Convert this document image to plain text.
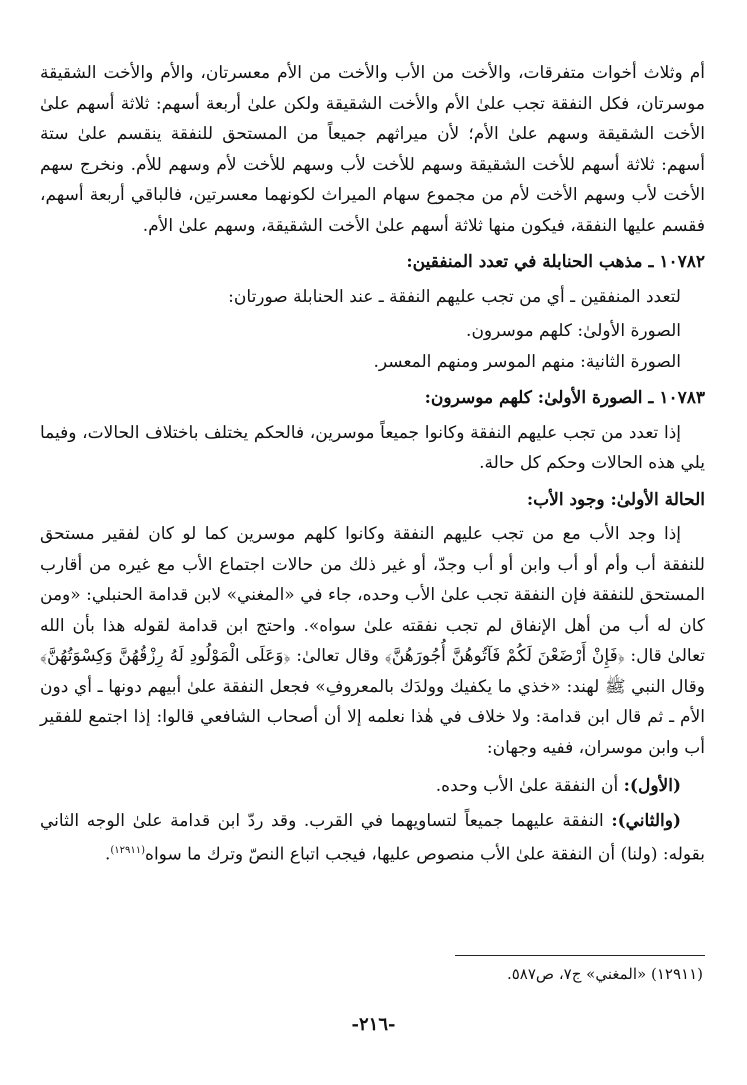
أم وثلاث أخوات متفرقات، والأخت من الأب والأخت من الأم معسرتان، والأم والأخت الشقيقة موسرتان، فكل النفقة تجب علىٰ الأم والأخت الشقيقة ولكن علىٰ أربعة أسهم: ثلاثة أسهم علىٰ الأخت الشقيقة وسهم علىٰ الأم؛ لأن ميراثهم جميعاً من المستحق للنفقة ينقسم علىٰ ستة أسهم: ثلاثة أسهم للأخت الشقيقة وسهم للأخت لأب وسهم للأخت لأم وسهم للأم. ونخرج سهم الأخت لأب وسهم الأخت لأم من مجموع سهام الميراث لكونهما معسرتين، فالباقي أربعة أسهم، فقسم عليها النفقة، فيكون منها ثلاثة أسهم علىٰ الأخت الشقيقة، وسهم علىٰ الأم.

١٠٧٨٢ ـ مذهب الحنابلة في تعدد المنفقين:

لتعدد المنفقين ـ أي من تجب عليهم النفقة ـ عند الحنابلة صورتان:

الصورة الأولىٰ: كلهم موسرون.

الصورة الثانية: منهم الموسر ومنهم المعسر.

١٠٧٨٣ ـ الصورة الأولىٰ: كلهم موسرون:

إذا تعدد من تجب عليهم النفقة وكانوا جميعاً موسرين، فالحكم يختلف باختلاف الحالات، وفيما يلي هذه الحالات وحكم كل حالة.

الحالة الأولىٰ: وجود الأب:

إذا وجد الأب مع من تجب عليهم النفقة وكانوا كلهم موسرين كما لو كان لفقير مستحق للنفقة أب وأم أو أب وابن أو أب وجدّ، أو غير ذلك من حالات اجتماع الأب مع غيره من أقارب المستحق للنفقة فإن النفقة تجب علىٰ الأب وحده، جاء في «المغني» لابن قدامة الحنبلي: «ومن كان له أب من أهل الإنفاق لم تجب نفقته علىٰ سواه». واحتج ابن قدامة لقوله هذا بأن الله تعالىٰ قال: ﴿فَإِنْ أَرْضَعْنَ لَكُمْ فَآتُوهُنَّ أُجُورَهُنَّ﴾ وقال تعالىٰ: ﴿وَعَلَى الْمَوْلُودِ لَهُ رِزْقُهُنَّ وَكِسْوَتُهُنَّ﴾ وقال النبي ﷺ لهند: «خذي ما يكفيك وولدَك بالمعروفِ» فجعل النفقة علىٰ أبيهم دونها ـ أي دون الأم ـ ثم قال ابن قدامة: ولا خلاف في هٰذا نعلمه إلا أن أصحاب الشافعي قالوا: إذا اجتمع للفقير أب وابن موسران، ففيه وجهان:

(الأول): أن النفقة علىٰ الأب وحده.

(والثاني): النفقة عليهما جميعاً لتساويهما في القرب. وقد ردّ ابن قدامة علىٰ الوجه الثاني بقوله: (ولنا) أن النفقة علىٰ الأب منصوص عليها، فيجب اتباع النصّ وترك ما سواه$^{(١٢٩١١)}$.

(١٢٩١١) «المغني» ج٧، ص٥٨٧.
-٢١٦-
